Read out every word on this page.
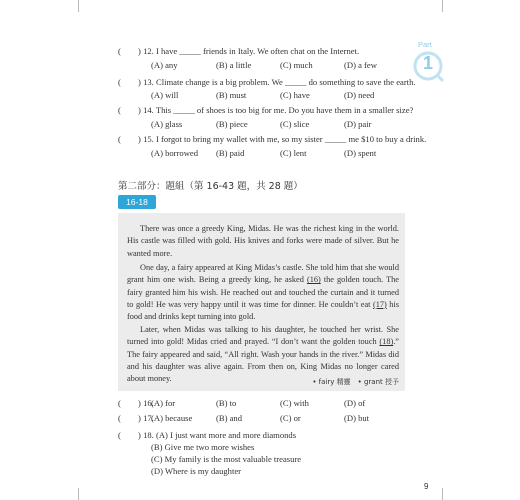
Part
1
(  ) 12. I have _____ friends in Italy. We often chat on the Internet.
(A) any	(B) a little	(C) much	(D) a few
(  ) 13. Climate change is a big problem. We _____ do something to save the earth.
(A) will	(B) must	(C) have	(D) need
(  ) 14. This _____ of shoes is too big for me. Do you have them in a smaller size?
(A) glass	(B) piece	(C) slice	(D) pair
(  ) 15. I forgot to bring my wallet with me, so my sister _____ me $10 to buy a drink.
(A) borrowed (B) paid	(C) lent	(D) spent
第二部分：題組（第 16-43 題，共 28 題）
16-18

There was once a greedy King, Midas. He was the richest king in the world. His castle was filled with gold. His knives and forks were made of silver. But he wanted more.

One day, a fairy appeared at King Midas’s castle. She told him that she would grant him one wish. Being a greedy king, he asked (16) the golden touch. The fairy granted him his wish. He reached out and touched the curtain and it turned to gold! He was very happy until it was time for dinner. He couldn’t eat (17) his food and drinks kept turning into gold.

Later, when Midas was talking to his daughter, he touched her wrist. She turned into gold! Midas cried and prayed. “I don’t want the golden touch (18).” The fairy appeared and said, “All right. Wash your hands in the river.” Midas did and his daughter was alive again. From then on, King Midas no longer cared about money.	• fairy 精靈　• grant 授予
(  ) 16.
(A) for	(B) to	(C) with	(D) of
(  ) 17.
(A) because	(B) and	(C) or	(D) but
(  ) 18. (A) I just want more and more diamonds
(B) Give me two more wishes
(C) My family is the most valuable treasure
(D) Where is my daughter
9
